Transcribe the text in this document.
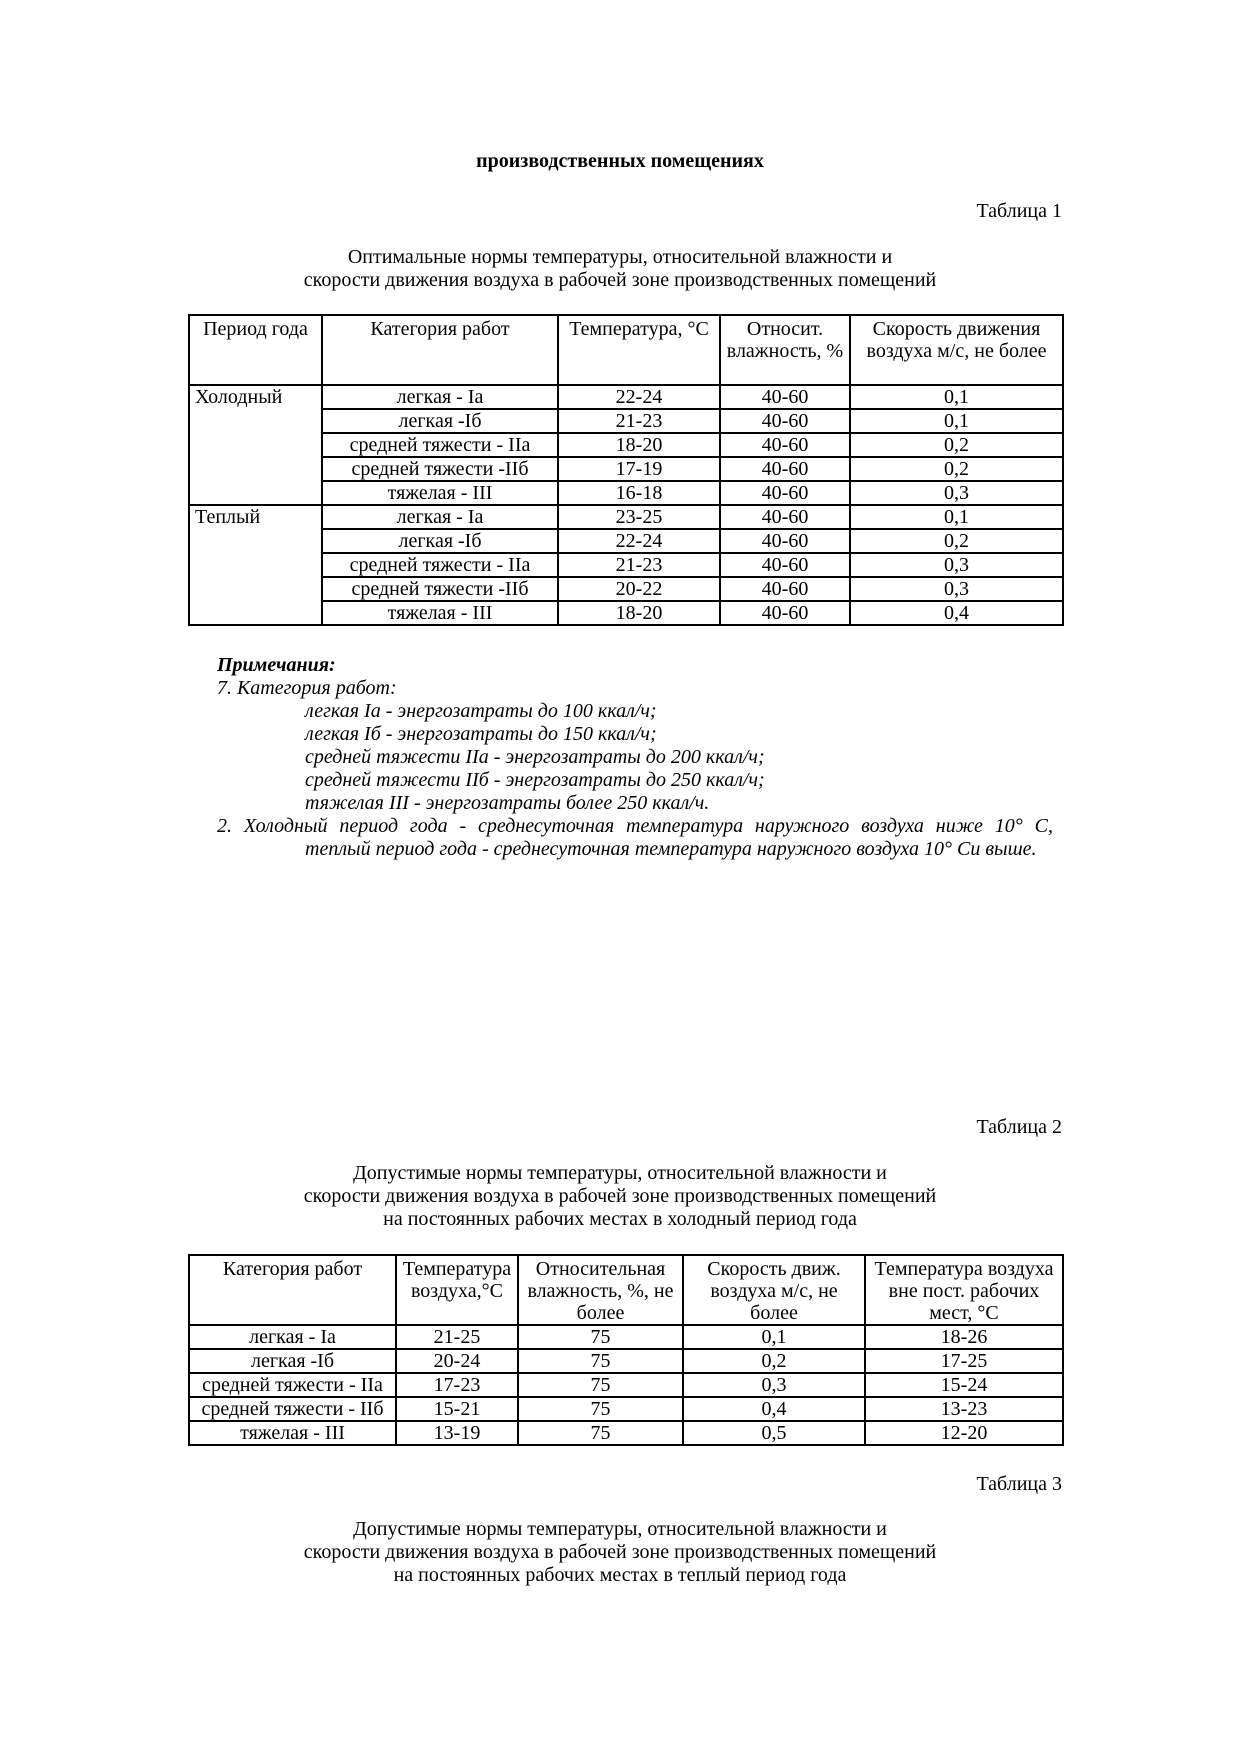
производственных помещениях
Таблица 1
Оптимальные нормы температуры, относительной влажности и
скорости движения воздуха в рабочей зоне производственных помещений
Период года	Категория работ	Температура, °С	Относит. влажность, %	Скорость движения воздуха м/с, не более
Холодный	легкая - Iа	22-24	40-60	0,1
	легкая -Iб	21-23	40-60	0,1
	средней тяжести - IIа	18-20	40-60	0,2
	средней тяжести -IIб	17-19	40-60	0,2
	тяжелая - III	16-18	40-60	0,3
Теплый	легкая - Iа	23-25	40-60	0,1
	легкая -Iб	22-24	40-60	0,2
	средней тяжести - IIа	21-23	40-60	0,3
	средней тяжести -IIб	20-22	40-60	0,3
	тяжелая - III	18-20	40-60	0,4
Примечания:
7. Категория работ:
легкая Iа - энергозатраты до 100 ккал/ч;
легкая Iб - энергозатраты до 150 ккал/ч;
средней тяжести IIа - энергозатраты до 200 ккал/ч;
средней тяжести IIб - энергозатраты до 250 ккал/ч;
тяжелая III - энергозатраты более 250 ккал/ч.
2. Холодный период года - среднесуточная температура наружного воздуха ниже 10° С,
теплый период года - среднесуточная температура наружного воздуха 10° Си выше.
Таблица 2
Допустимые нормы температуры, относительной влажности и
скорости движения воздуха в рабочей зоне производственных помещений
на постоянных рабочих местах в холодный период года
Категория работ	Температура воздуха,°С	Относительная влажность, %, не более	Скорость движ. воздуха м/с, не более	Температура воздуха вне пост. рабочих мест, °С
легкая - Iа	21-25	75	0,1	18-26
легкая -Iб	20-24	75	0,2	17-25
средней тяжести - IIа	17-23	75	0,3	15-24
средней тяжести - IIб	15-21	75	0,4	13-23
тяжелая - III	13-19	75	0,5	12-20
Таблица 3
Допустимые нормы температуры, относительной влажности и
скорости движения воздуха в рабочей зоне производственных помещений
на постоянных рабочих местах в теплый период года
